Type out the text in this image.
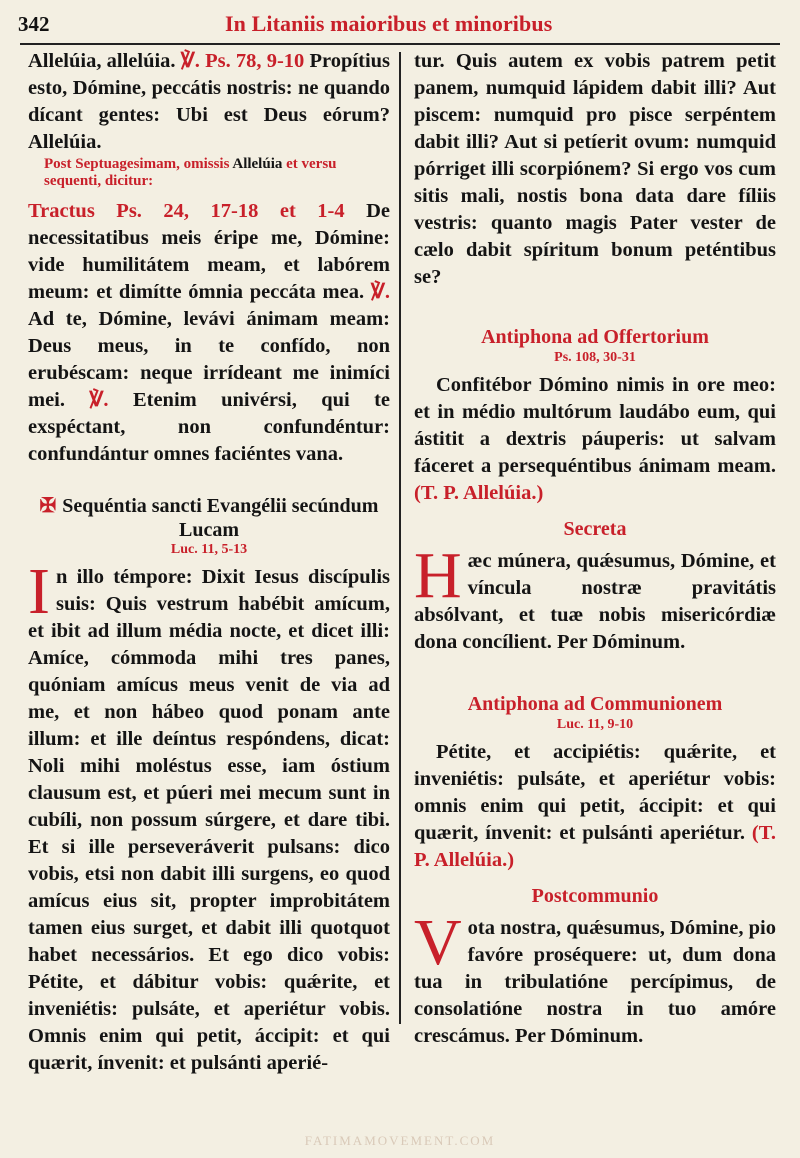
342	In Litaniis maioribus et minoribus

Allelúia, allelúia. ℣. Ps. 78, 9-10 Propítius esto, Dómine, peccátis nostris: ne quando dícant gentes: Ubi est Deus eórum? Allelúia.

Post Septuagesimam, omissis Allelúia et versu sequenti, dicitur:

Tractus Ps. 24, 17-18 et 1-4 De necessitatibus meis éripe me, Dómine: vide humilitátem meam, et labórem meum: et dimítte ómnia peccáta mea. ℣. Ad te, Dómine, levávi ánimam meam: Deus meus, in te confído, non erubéscam: neque irrídeant me inimíci mei. ℣. Etenim univérsi, qui te exspéctant, non confundéntur: confundántur omnes faciéntes vana.

✠ Sequéntia sancti Evangélii secúndum Lucam
Luc. 11, 5-13

In illo témpore: Dixit Iesus discípulis suis: Quis vestrum habébit amícum, et ibit ad illum média nocte, et dicet illi: Amíce, cómmoda mihi tres panes, quóniam amícus meus venit de via ad me, et non hábeo quod ponam ante illum: et ille deíntus respóndens, dicat: Noli mihi moléstus esse, iam óstium clausum est, et púeri mei mecum sunt in cubíli, non possum súrgere, et dare tibi. Et si ille perseveráverit pulsans: dico vobis, etsi non dabit illi surgens, eo quod amícus eius sit, propter improbitátem tamen eius surget, et dabit illi quotquot habet necessários. Et ego dico vobis: Pétite, et dábitur vobis: quǽrite, et inveniétis: pulsáte, et aperiétur vobis. Omnis enim qui petit, áccipit: et qui quærit, ínvenit: et pulsánti aperié-

tur. Quis autem ex vobis patrem petit panem, numquid lápidem dabit illi? Aut piscem: numquid pro pisce serpéntem dabit illi? Aut si petíerit ovum: numquid pórriget illi scorpiónem? Si ergo vos cum sitis mali, nostis bona data dare fíliis vestris: quanto magis Pater vester de cælo dabit spíritum bonum peténtibus se?

Antiphona ad Offertorium
Ps. 108, 30-31

Confitébor Dómino nimis in ore meo: et in médio multórum laudábo eum, qui ástitit a dextris páuperis: ut salvam fáceret a persequéntibus ánimam meam. (T. P. Allelúia.)

Secreta

Hæc múnera, quǽsumus, Dómine, et víncula nostræ pravitátis absólvant, et tuæ nobis misericórdiæ dona concílient. Per Dóminum.

Antiphona ad Communionem
Luc. 11, 9-10

Pétite, et accipiétis: quǽrite, et inveniétis: pulsáte, et aperiétur vobis: omnis enim qui petit, áccipit: et qui quærit, ínvenit: et pulsánti aperiétur. (T. P. Allelúia.)

Postcommunio

Vota nostra, quǽsumus, Dómine, pio favóre proséquere: ut, dum dona tua in tribulatióne percípimus, de consolatióne nostra in tuo amóre crescámus. Per Dóminum.

FATIMAMOVEMENT.COM
